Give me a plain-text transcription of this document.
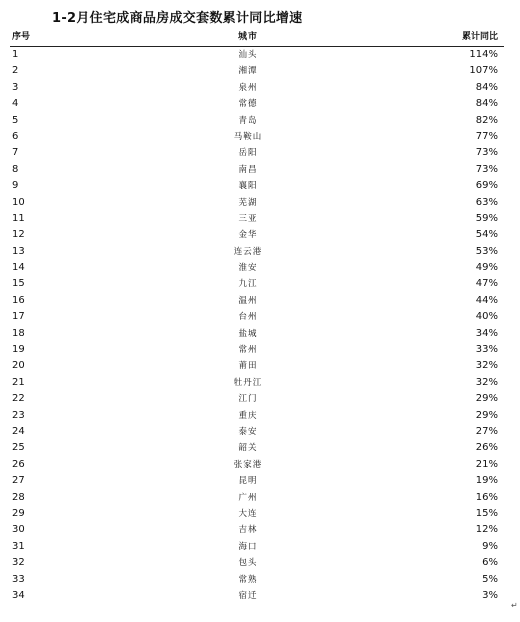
1-2月住宅成商品房成交套数累计同比增速
序号	城市	累计同比
1	汕头	114%
2	湘潭	107%
3	泉州	84%
4	常德	84%
5	青岛	82%
6	马鞍山	77%
7	岳阳	73%
8	南昌	73%
9	襄阳	69%
10	芜湖	63%
11	三亚	59%
12	金华	54%
13	连云港	53%
14	淮安	49%
15	九江	47%
16	温州	44%
17	台州	40%
18	盐城	34%
19	常州	33%
20	莆田	32%
21	牡丹江	32%
22	江门	29%
23	重庆	29%
24	泰安	27%
25	韶关	26%
26	张家港	21%
27	昆明	19%
28	广州	16%
29	大连	15%
30	吉林	12%
31	海口	9%
32	包头	6%
33	常熟	5%
34	宿迁	3%
↵
